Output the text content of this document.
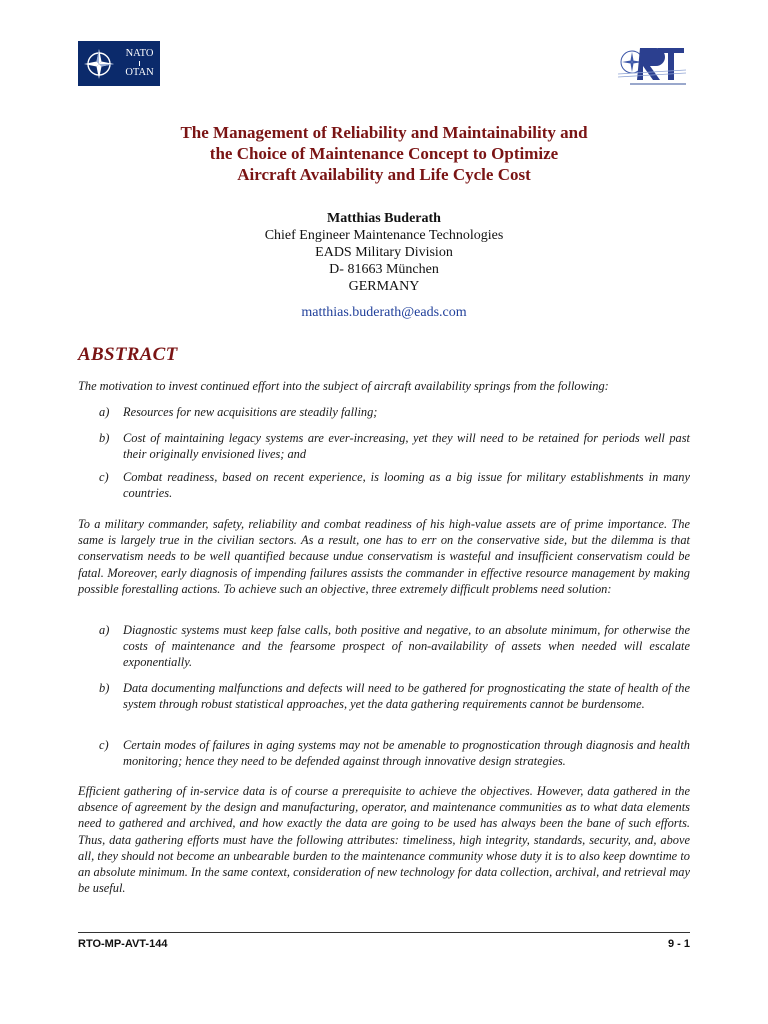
NATO
OTAN
The Management of Reliability and Maintainability and
the Choice of Maintenance Concept to Optimize
Aircraft Availability and Life Cycle Cost
Matthias Buderath
Chief Engineer Maintenance Technologies
EADS Military Division
D- 81663 München
GERMANY
matthias.buderath@eads.com
ABSTRACT

The motivation to invest continued effort into the subject of aircraft availability springs from the following:

a) Resources for new acquisitions are steadily falling;
b) Cost of maintaining legacy systems are ever-increasing, yet they will need to be retained for periods well past their originally envisioned lives; and
c) Combat readiness, based on recent experience, is looming as a big issue for military establishments in many countries.

To a military commander, safety, reliability and combat readiness of his high-value assets are of prime importance. The same is largely true in the civilian sectors. As a result, one has to err on the conservative side, but the dilemma is that conservatism needs to be well quantified because undue conservatism is wasteful and insufficient conservatism could be fatal. Moreover, early diagnosis of impending failures assists the commander in effective resource management by making possible forestalling actions. To achieve such an objective, three extremely difficult problems need solution:

a) Diagnostic systems must keep false calls, both positive and negative, to an absolute minimum, for otherwise the costs of maintenance and the fearsome prospect of non-availability of assets when needed will escalate exponentially.
b) Data documenting malfunctions and defects will need to be gathered for prognosticating the state of health of the system through robust statistical approaches, yet the data gathering requirements cannot be burdensome.
c) Certain modes of failures in aging systems may not be amenable to prognostication through diagnosis and health monitoring; hence they need to be defended against through innovative design strategies.

Efficient gathering of in-service data is of course a prerequisite to achieve the objectives. However, data gathered in the absence of agreement by the design and manufacturing, operator, and maintenance communities as to what data elements need to gathered and archived, and how exactly the data are going to be used has always been the bane of such efforts. Thus, data gathering efforts must have the following attributes: timeliness, high integrity, standards, security, and, above all, they should not become an unbearable burden to the maintenance community whose duty it is to also keep downtime to an absolute minimum. In the same context, consideration of new technology for data collection, archival, and retrieval may be useful.

RTO-MP-AVT-144	9 - 1
